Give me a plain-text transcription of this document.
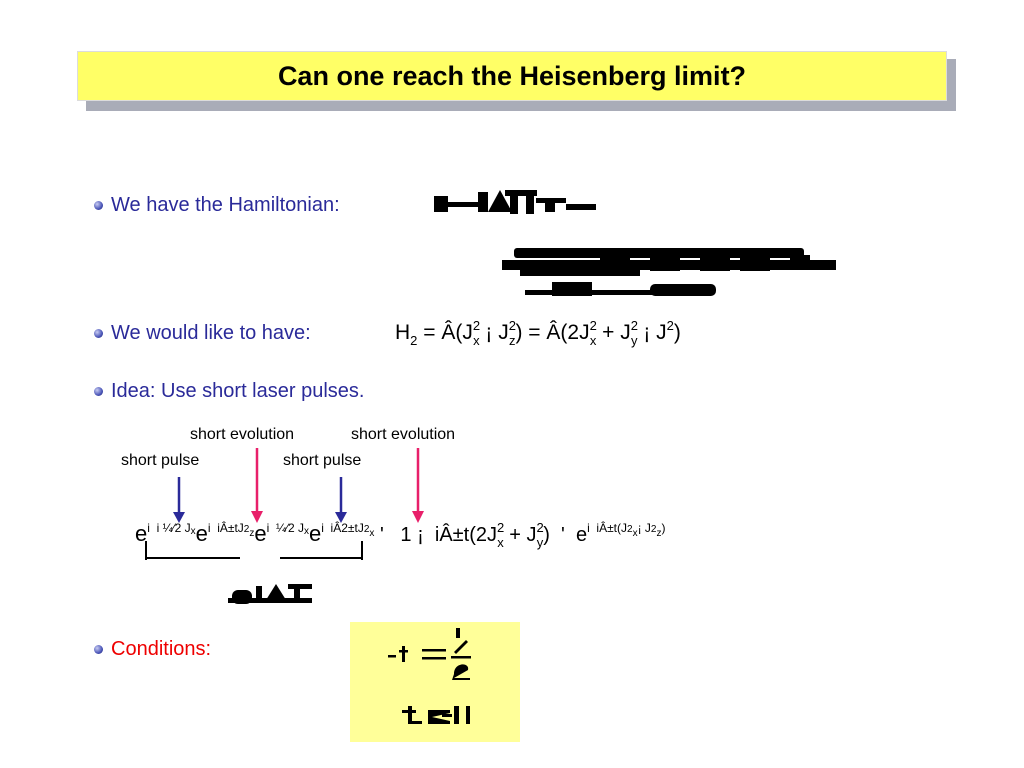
Can one reach the Heisenberg limit?
We have the Hamiltonian:
We would like to have:	$H_2$ = $Â(J^2_x$ ¡ $J^2_z$) = $Â(2J^2_x + J^2_y$ ¡ $J^2$)
Idea: Use short laser pulses.
short evolution	short evolution
short pulse	short pulse
$e^{i i \frac{1}{4}⁄2 Jx}e^{i iÂ\pm tJ2z}e^{i \frac{1}{4}⁄2 Jx}e^{i iÂ2\pm tJ2x}$ '   1 ¡  $iÂ\pm t(2J^2_x + J^2_y)$  '  $e^{i iÂ\pm t(J2x¡ J2z)}$
Conditions:
